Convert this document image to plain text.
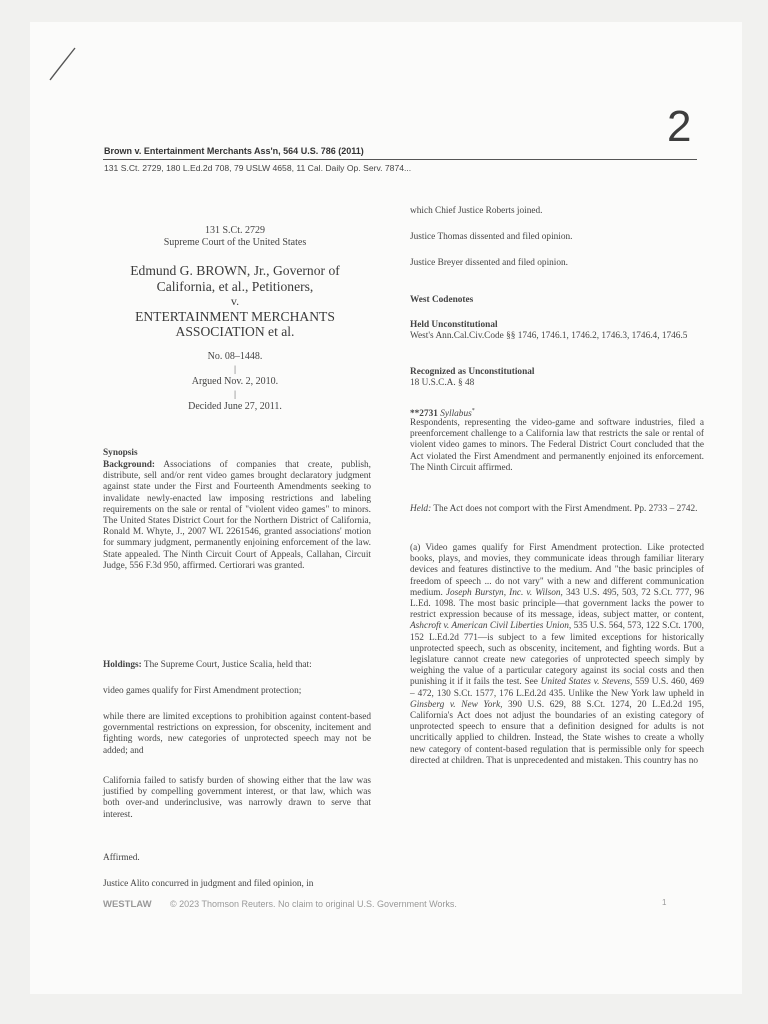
2
Brown v. Entertainment Merchants Ass'n, 564 U.S. 786 (2011)
131 S.Ct. 2729, 180 L.Ed.2d 708, 79 USLW 4658, 11 Cal. Daily Op. Serv. 7874...
131 S.Ct. 2729
Supreme Court of the United States
Edmund G. BROWN, Jr., Governor of
California, et al., Petitioners,
v.
ENTERTAINMENT MERCHANTS
ASSOCIATION et al.
No. 08–1448.
|
Argued Nov. 2, 2010.
|
Decided June 27, 2011.
Synopsis
Background: Associations of companies that create, publish, distribute, sell and/or rent video games brought declaratory judgment against state under the First and Fourteenth Amendments seeking to invalidate newly-enacted law imposing restrictions and labeling requirements on the sale or rental of "violent video games" to minors. The United States District Court for the Northern District of California, Ronald M. Whyte, J., 2007 WL 2261546, granted associations' motion for summary judgment, permanently enjoining enforcement of the law. State appealed. The Ninth Circuit Court of Appeals, Callahan, Circuit Judge, 556 F.3d 950, affirmed. Certiorari was granted.
Holdings: The Supreme Court, Justice Scalia, held that:
video games qualify for First Amendment protection;
while there are limited exceptions to prohibition against content-based governmental restrictions on expression, for obscenity, incitement and fighting words, new categories of unprotected speech may not be added; and
California failed to satisfy burden of showing either that the law was justified by compelling government interest, or that law, which was both over-and underinclusive, was narrowly drawn to serve that interest.
Affirmed.
Justice Alito concurred in judgment and filed opinion, in
which Chief Justice Roberts joined.
Justice Thomas dissented and filed opinion.
Justice Breyer dissented and filed opinion.
West Codenotes
Held Unconstitutional
West's Ann.Cal.Civ.Code §§ 1746, 1746.1, 1746.2, 1746.3, 1746.4, 1746.5
Recognized as Unconstitutional
18 U.S.C.A. § 48
**2731 Syllabus*
Respondents, representing the video-game and software industries, filed a preenforcement challenge to a California law that restricts the sale or rental of violent video games to minors. The Federal District Court concluded that the Act violated the First Amendment and permanently enjoined its enforcement. The Ninth Circuit affirmed.
Held: The Act does not comport with the First Amendment. Pp. 2733 – 2742.
(a) Video games qualify for First Amendment protection. Like protected books, plays, and movies, they communicate ideas through familiar literary devices and features distinctive to the medium. And "the basic principles of freedom of speech ... do not vary" with a new and different communication medium. Joseph Burstyn, Inc. v. Wilson, 343 U.S. 495, 503, 72 S.Ct. 777, 96 L.Ed. 1098. The most basic principle—that government lacks the power to restrict expression because of its message, ideas, subject matter, or content, Ashcroft v. American Civil Liberties Union, 535 U.S. 564, 573, 122 S.Ct. 1700, 152 L.Ed.2d 771—is subject to a few limited exceptions for historically unprotected speech, such as obscenity, incitement, and fighting words. But a legislature cannot create new categories of unprotected speech simply by weighing the value of a particular category against its social costs and then punishing it if it fails the test. See United States v. Stevens, 559 U.S. 460, 469 – 472, 130 S.Ct. 1577, 176 L.Ed.2d 435. Unlike the New York law upheld in Ginsberg v. New York, 390 U.S. 629, 88 S.Ct. 1274, 20 L.Ed.2d 195, California's Act does not adjust the boundaries of an existing category of unprotected speech to ensure that a definition designed for adults is not uncritically applied to children. Instead, the State wishes to create a wholly new category of content-based regulation that is permissible only for speech directed at children. That is unprecedented and mistaken. This country has no
WESTLAW © 2023 Thomson Reuters. No claim to original U.S. Government Works.	1
